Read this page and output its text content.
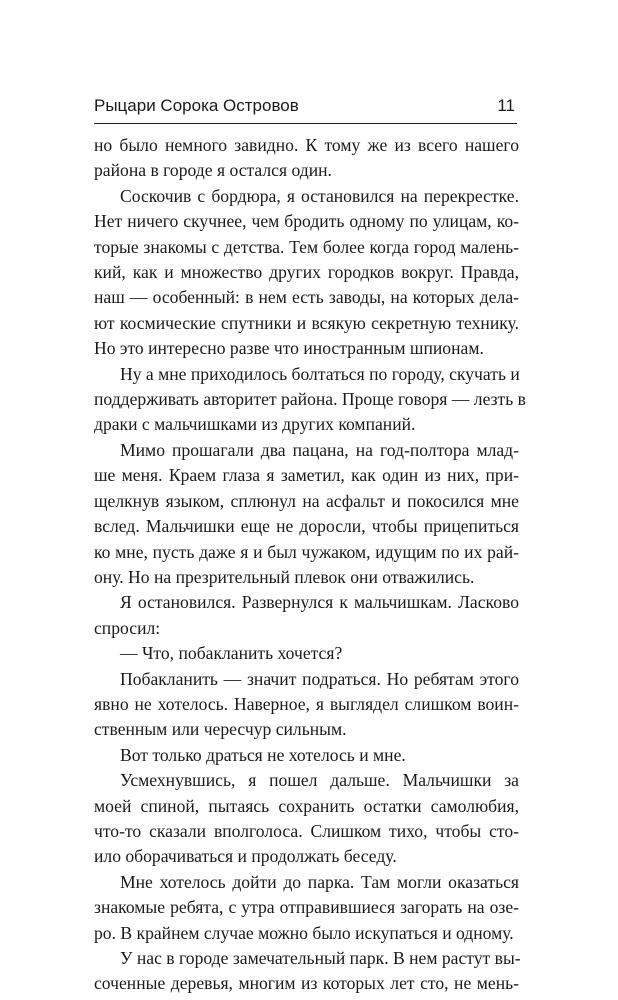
Рыцари Сорока Островов	11
но было немного завидно. К тому же из всего нашего
района в городе я остался один.
Соскочив с бордюра, я остановился на перекрестке.
Нет ничего скучнее, чем бродить одному по улицам, ко-
торые знакомы с детства. Тем более когда город малень-
кий, как и множество других городков вокруг. Правда,
наш — особенный: в нем есть заводы, на которых дела-
ют космические спутники и всякую секретную технику.
Но это интересно разве что иностранным шпионам.
Ну а мне приходилось болтаться по городу, скучать и
поддерживать авторитет района. Проще говоря — лезть в
драки с мальчишками из других компаний.
Мимо прошагали два пацана, на год-полтора млад-
ше меня. Краем глаза я заметил, как один из них, при-
щелкнув языком, сплюнул на асфальт и покосился мне
вслед. Мальчишки еще не доросли, чтобы прицепиться
ко мне, пусть даже я и был чужаком, идущим по их рай-
ону. Но на презрительный плевок они отважились.
Я остановился. Развернулся к мальчишкам. Ласково
спросил:
— Что, побакланить хочется?
Побакланить — значит подраться. Но ребятам этого
явно не хотелось. Наверное, я выглядел слишком воин-
ственным или чересчур сильным.
Вот только драться не хотелось и мне.
Усмехнувшись, я пошел дальше. Мальчишки за
моей спиной, пытаясь сохранить остатки самолюбия,
что-то сказали вполголоса. Слишком тихо, чтобы сто-
ило оборачиваться и продолжать беседу.
Мне хотелось дойти до парка. Там могли оказаться
знакомые ребята, с утра отправившиеся загорать на озе-
ро. В крайнем случае можно было искупаться и одному.
У нас в городе замечательный парк. В нем растут вы-
соченные деревья, многим из которых лет сто, не мень-
